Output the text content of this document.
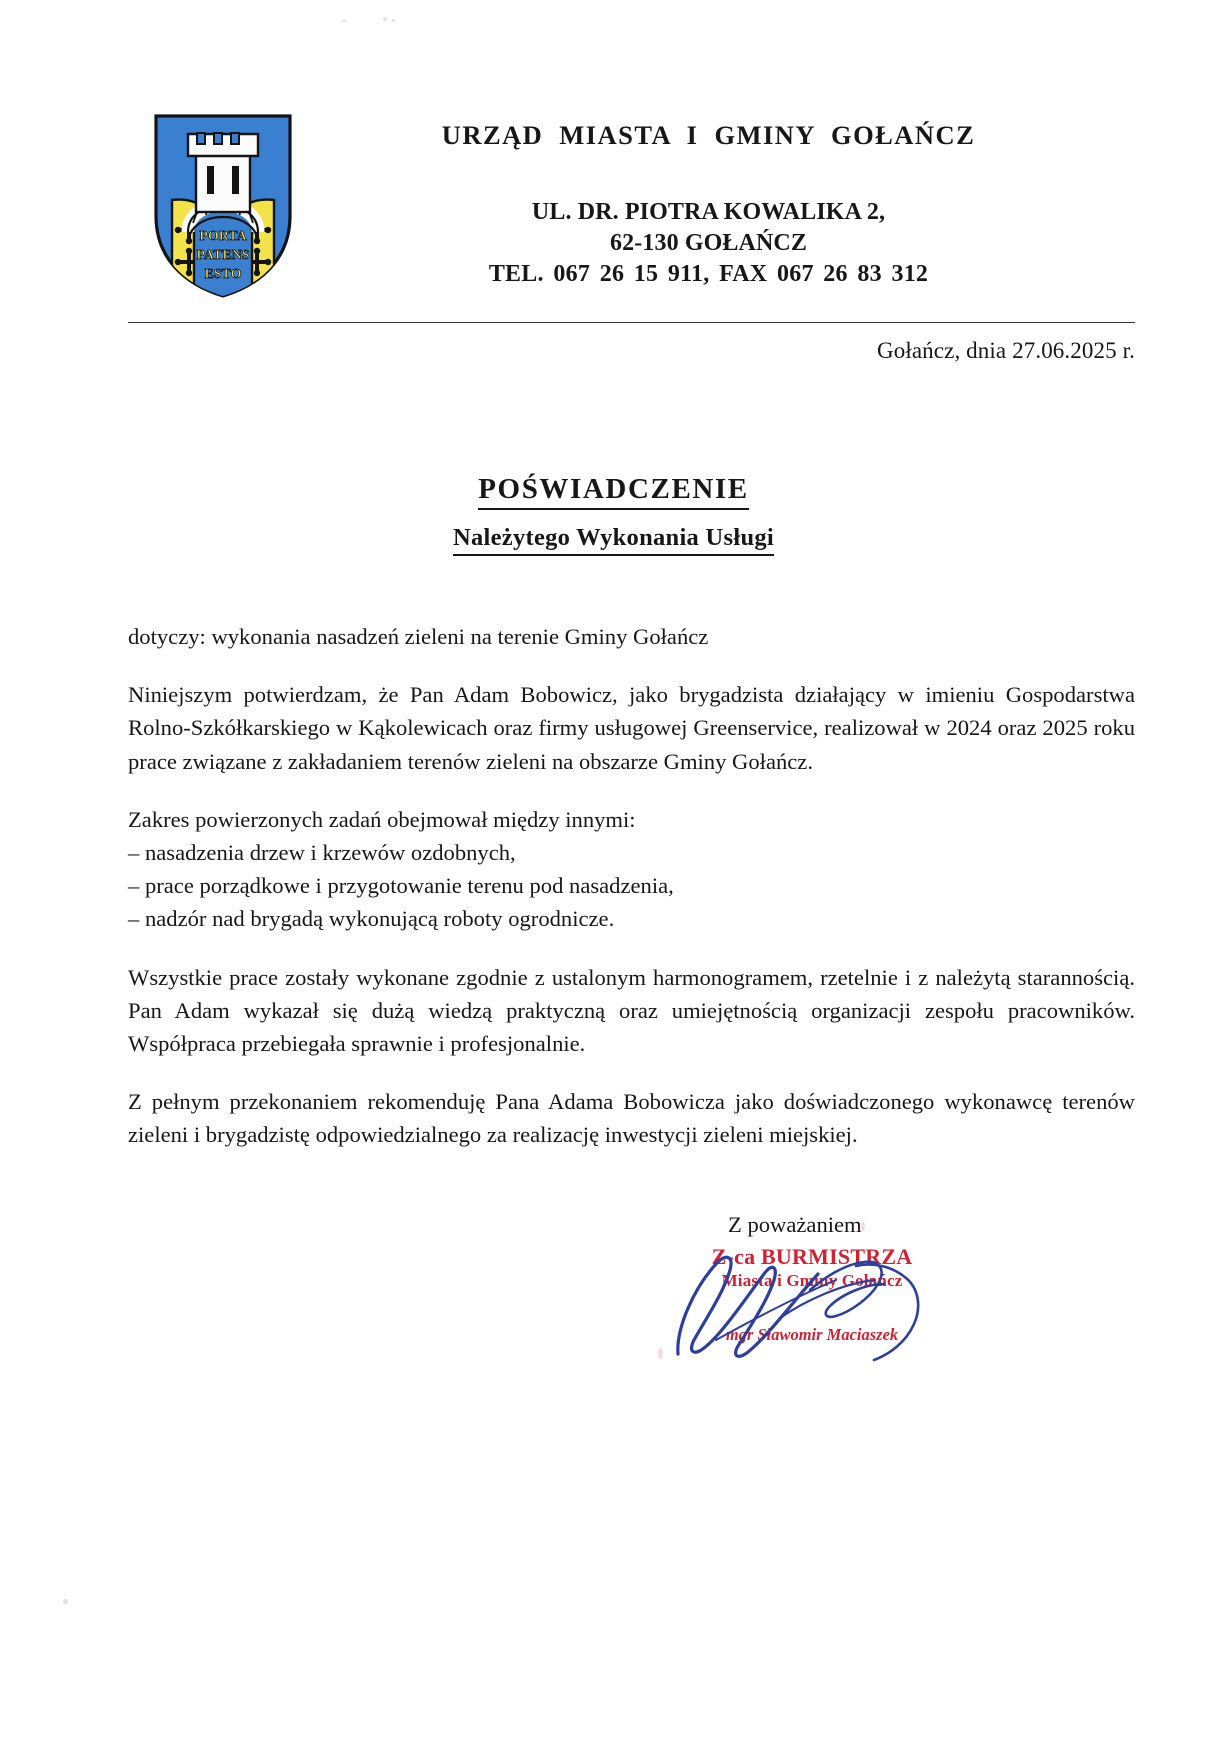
PORTA
PATENS
ESTO
URZĄD MIASTA I GMINY GOŁAŃCZ
UL. DR. PIOTRA KOWALIKA 2,
62-130 GOŁAŃCZ
TEL. 067 26 15 911, FAX 067 26 83 312
Gołańcz, dnia 27.06.2025 r.
POŚWIADCZENIE
Należytego Wykonania Usługi

dotyczy: wykonania nasadzeń zieleni na terenie Gminy Gołańcz

Niniejszym potwierdzam, że Pan Adam Bobowicz, jako brygadzista działający w imieniu Gospodarstwa Rolno-Szkółkarskiego w Kąkolewicach oraz firmy usługowej Greenservice, realizował w 2024 oraz 2025 roku prace związane z zakładaniem terenów zieleni na obszarze Gminy Gołańcz.

Zakres powierzonych zadań obejmował między innymi:
– nasadzenia drzew i krzewów ozdobnych,
– prace porządkowe i przygotowanie terenu pod nasadzenia,
– nadzór nad brygadą wykonującą roboty ogrodnicze.

Wszystkie prace zostały wykonane zgodnie z ustalonym harmonogramem, rzetelnie i z należytą starannością. Pan Adam wykazał się dużą wiedzą praktyczną oraz umiejętnością organizacji zespołu pracowników. Współpraca przebiegała sprawnie i profesjonalnie.

Z pełnym przekonaniem rekomenduję Pana Adama Bobowicza jako doświadczonego wykonawcę terenów zieleni i brygadzistę odpowiedzialnego za realizację inwestycji zieleni miejskiej.

Z poważaniem
Z-ca BURMISTRZA
Miasta i Gminy Gołańcz
mgr Sławomir Maciaszek
